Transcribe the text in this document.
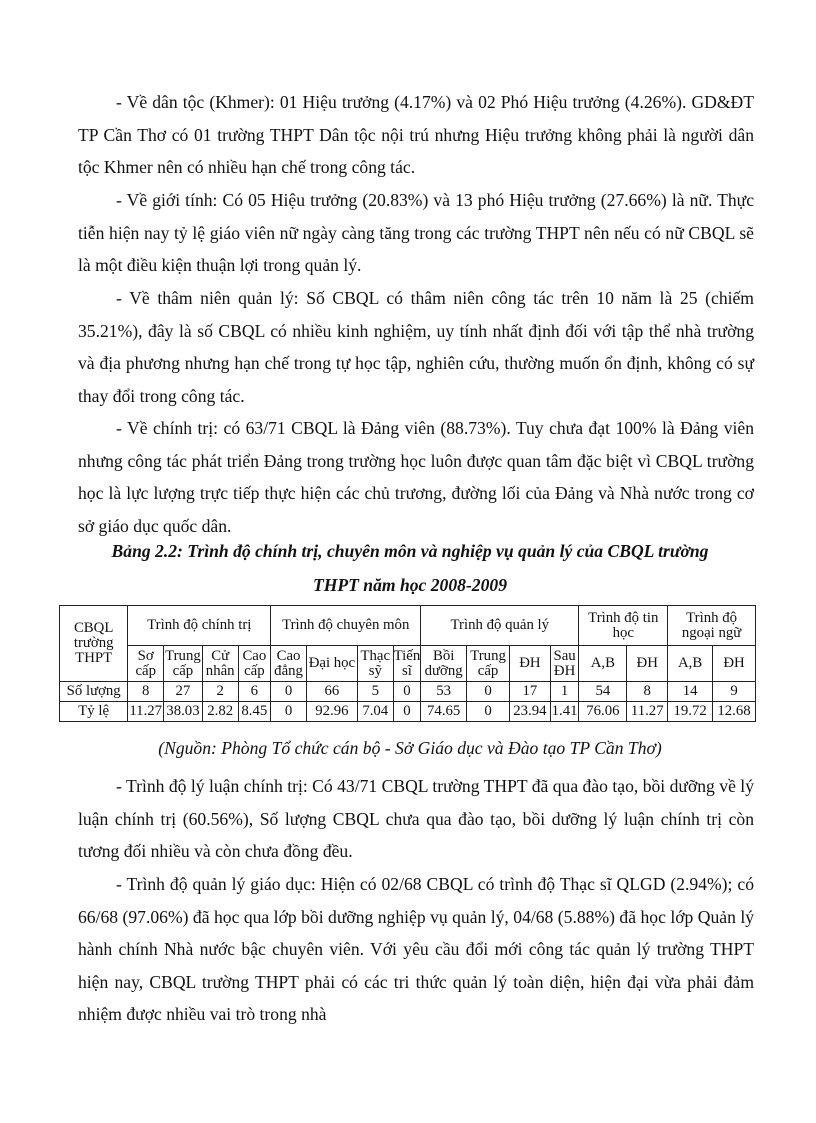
- Về dân tộc (Khmer): 01 Hiệu trưởng (4.17%) và 02 Phó Hiệu trưởng (4.26%). GD&ĐT TP Cần Thơ có 01 trường THPT Dân tộc nội trú nhưng Hiệu trưởng không phải là người dân tộc Khmer nên có nhiều hạn chế trong công tác.

- Về giới tính: Có 05 Hiệu trưởng (20.83%) và 13 phó Hiệu trưởng (27.66%) là nữ. Thực tiễn hiện nay tỷ lệ giáo viên nữ ngày càng tăng trong các trường THPT nên nếu có nữ CBQL sẽ là một điều kiện thuận lợi trong quản lý.

- Về thâm niên quản lý: Số CBQL có thâm niên công tác trên 10 năm là 25 (chiếm 35.21%), đây là số CBQL có nhiều kinh nghiệm, uy tính nhất định đối với tập thể nhà trường và địa phương nhưng hạn chế trong tự học tập, nghiên cứu, thường muốn ổn định, không có sự thay đổi trong công tác.

- Về chính trị: có 63/71 CBQL là Đảng viên (88.73%). Tuy chưa đạt 100% là Đảng viên nhưng công tác phát triển Đảng trong trường học luôn được quan tâm đặc biệt vì CBQL trường học là lực lượng trực tiếp thực hiện các chủ trương, đường lối của Đảng và Nhà nước trong cơ sở giáo dục quốc dân.

Bảng 2.2: Trình độ chính trị, chuyên môn và nghiệp vụ quản lý của CBQL trường

THPT năm học 2008-2009

CBQL trường THPT	Trình độ chính trị				Trình độ chuyên môn				Trình độ quản lý				Trình độ tin học		Trình độ ngoại ngữ	
	Sơ cấp	Trung cấp	Cử nhân	Cao cấp	Cao đẳng	Đại học	Thạc sỹ	Tiến sĩ	Bồi dưỡng	Trung cấp	ĐH	Sau ĐH	A,B	ĐH	A,B	ĐH
Số lượng	8	27	2	6	0	66	5	0	53	0	17	1	54	8	14	9
Tỷ lệ	11.27	38.03	2.82	8.45	0	92.96	7.04	0	74.65	0	23.94	1.41	76.06	11.27	19.72	12.68

(Nguồn: Phòng Tổ chức cán bộ - Sở Giáo dục và Đào tạo TP Cần Thơ)

- Trình độ lý luận chính trị: Có 43/71 CBQL trường THPT đã qua đào tạo, bồi dưỡng về lý luận chính trị (60.56%), Số lượng CBQL chưa qua đào tạo, bồi dưỡng lý luận chính trị còn tương đối nhiều và còn chưa đồng đều.

- Trình độ quản lý giáo dục: Hiện có 02/68 CBQL có trình độ Thạc sĩ QLGD (2.94%); có 66/68 (97.06%) đã học qua lớp bồi dưỡng nghiệp vụ quản lý, 04/68 (5.88%) đã học lớp Quản lý hành chính Nhà nước bậc chuyên viên. Với yêu cầu đổi mới công tác quản lý trường THPT hiện nay, CBQL trường THPT phải có các tri thức quản lý toàn diện, hiện đại vừa phải đảm nhiệm được nhiều vai trò trong nhà
